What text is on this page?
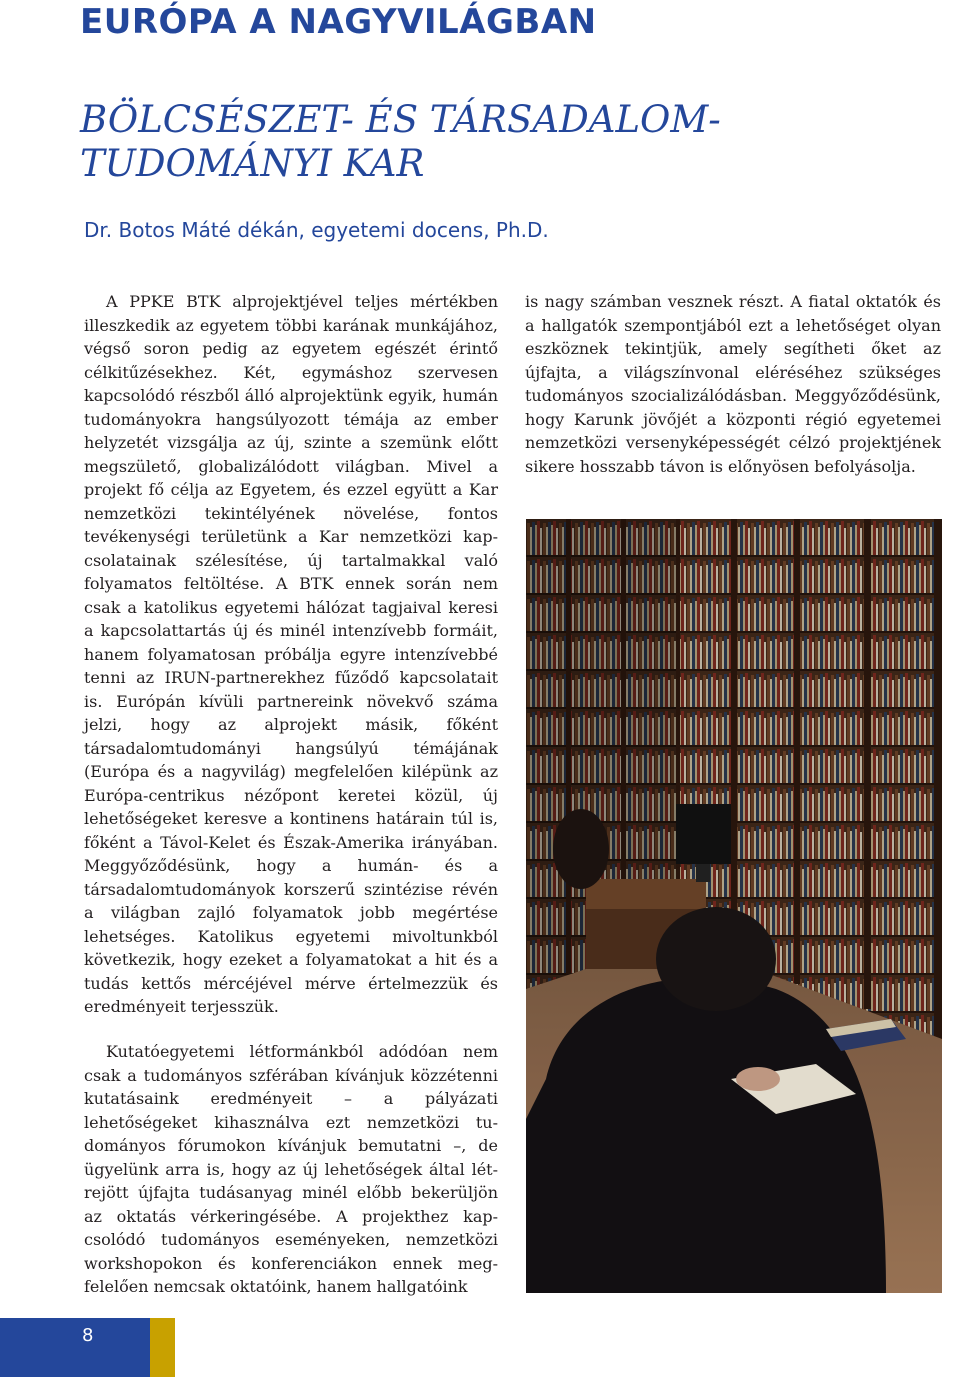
EURÓPA A NAGYVILÁGBAN
BÖLCSÉSZET- ÉS TÁRSADALOM-
TUDOMÁNYI KAR
Dr. Botos Máté dékán, egyetemi docens, Ph.D.

A PPKE BTK alprojektjével teljes mértékben illeszkedik az egyetem többi karának munkájához, végső soron pedig az egyetem egészét érintő célkitűzésekhez. Két, egymáshoz szervesen kapcsolódó részből álló alprojektünk egyik, humán tudományokra hangsúlyozott témája az ember helyzetét vizsgálja az új, szinte a szemünk előtt megszülető, globalizálódott világban. Mivel a projekt fő célja az Egyetem, és ezzel együtt a Kar nemzetközi tekintélyének növelése, fontos tevékenységi területünk a Kar nemzetközi kapcsolatainak szélesítése, új tartalmakkal való folyamatos feltöltése. A BTK ennek során nem csak a katolikus egyetemi hálózat tagjaival keresi a kapcsolattartás új és minél intenzívebb formáit, hanem folyamatosan próbálja egyre intenzívebbé tenni az IRUN-partnerekhez fűződő kapcsolatait is. Európán kívüli partnereink növekvő száma jelzi, hogy az alprojekt másik, főként társadalomtudományi hangsúlyú témájának (Európa és a nagyvilág) megfelelően kilépünk az Európa-centrikus nézőpont keretei közül, új lehetőségeket keresve a kontinens határain túl is, főként a Távol-Kelet és Észak-Amerika irányában. Meggyőződésünk, hogy a humán- és a társadalomtudományok korszerű szintézise révén a világban zajló folyamatok jobb megértése lehetséges. Katolikus egyetemi mivoltunkból következik, hogy ezeket a folyamatokat a hit és a tudás kettős mércéjével mérve értelmezzük és eredményeit terjesszük.

Kutatóegyetemi létformánkból adódóan nem csak a tudományos szférában kívánjuk közzétenni kutatásaink eredményeit – a pályázati lehetőségeket kihasználva ezt nemzetközi tudományos fórumokon kívánjuk bemutatni –, de ügyelünk arra is, hogy az új lehetőségek által létrejött újfajta tudásanyag minél előbb bekerüljön az oktatás vérkeringésébe. A projekthez kapcsolódó tudományos eseményeken, nemzetközi workshopokon és konferenciákon ennek megfelelően nemcsak oktatóink, hanem hallgatóink

is nagy számban vesznek részt. A fiatal oktatók és a hallgatók szempontjából ezt a lehetőséget olyan eszköznek tekintjük, amely segítheti őket az újfajta, a világszínvonal eléréséhez szükséges tudományos szocializálódásban. Meggyőződésünk, hogy Karunk jövőjét a központi régió egyetemei nemzetközi versenyképességét célzó projektjének sikere hosszabb távon is előnyösen befolyásolja.

8
